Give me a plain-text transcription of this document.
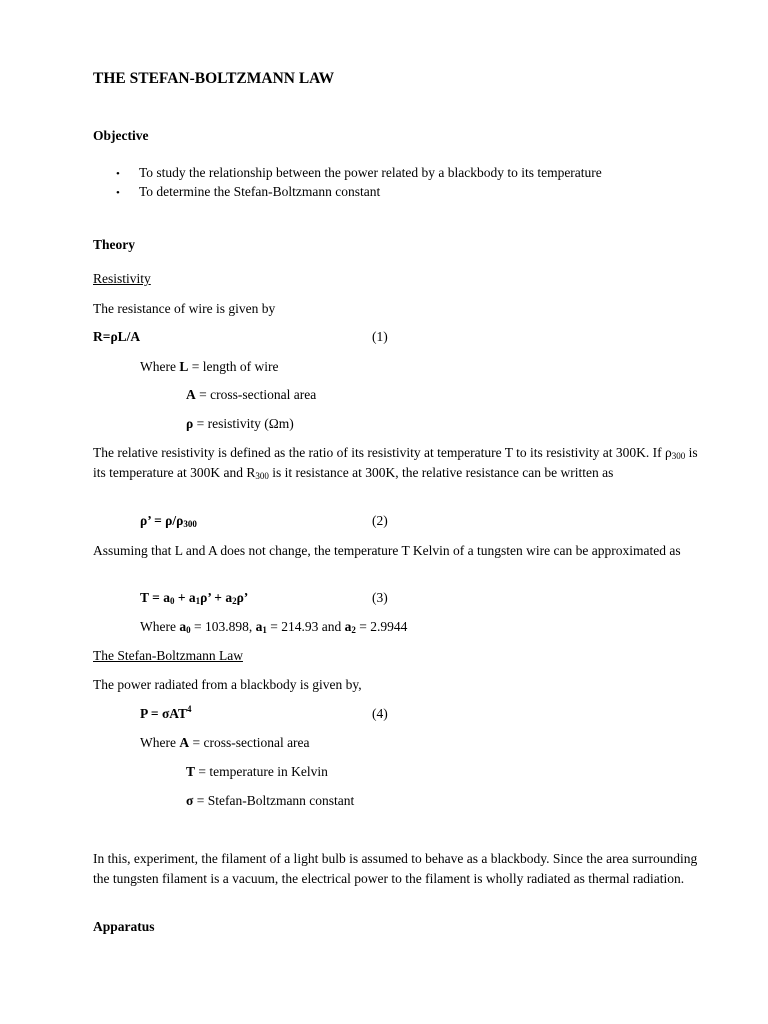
THE STEFAN-BOLTZMANN LAW
Objective
• To study the relationship between the power related by a blackbody to its temperature
• To determine the Stefan-Boltzmann constant
Theory
Resistivity
The resistance of wire is given by
R=ρL/A	(1)
Where L = length of wire
A = cross-sectional area
ρ = resistivity (Ωm)
The relative resistivity is defined as the ratio of its resistivity at temperature T to its resistivity at 300K. If $\rho_{300}$ is its temperature at 300K and $R_{300}$ is it resistance at 300K, the relative resistance can be written as
ρ’ = $\rho/\rho_{300}$	(2)
Assuming that L and A does not change, the temperature T Kelvin of a tungsten wire can be approximated as
$T = a_0 + a_1\rho$’ + $a_2\rho$’	(3)
Where $a_0 = 103.898$, $a_1 = 214.93$ and $a_2 = 2.9944$
The Stefan-Boltzmann Law
The power radiated from a blackbody is given by,
P = σAT$^4$	(4)
Where A = cross-sectional area
T = temperature in Kelvin
σ = Stefan-Boltzmann constant
In this, experiment, the filament of a light bulb is assumed to behave as a blackbody. Since the area surrounding the tungsten filament is a vacuum, the electrical power to the filament is wholly radiated as thermal radiation.
Apparatus
